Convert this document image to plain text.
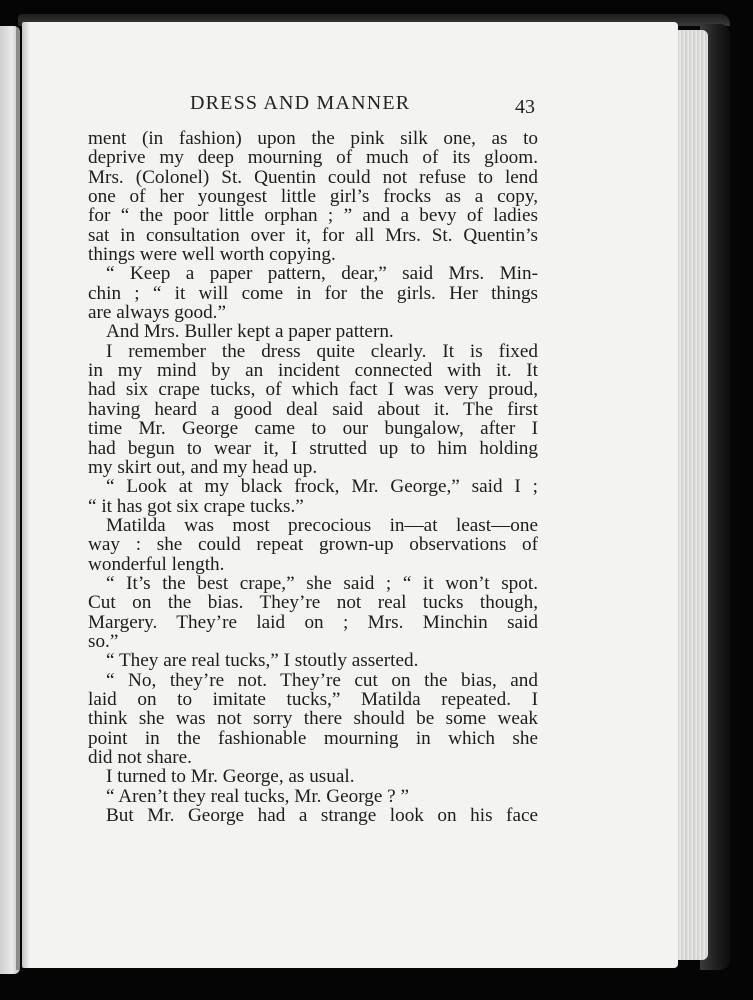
DRESS AND MANNER	43
ment (in fashion) upon the pink silk one, as to
deprive my deep mourning of much of its gloom.
Mrs. (Colonel) St. Quentin could not refuse to lend
one of her youngest little girl’s frocks as a copy,
for “ the poor little orphan ; ” and a bevy of ladies
sat in consultation over it, for all Mrs. St. Quentin’s
things were well worth copying.
“ Keep a paper pattern, dear,” said Mrs. Min-
chin ; “ it will come in for the girls. Her things
are always good.”
And Mrs. Buller kept a paper pattern.
I remember the dress quite clearly. It is fixed
in my mind by an incident connected with it. It
had six crape tucks, of which fact I was very proud,
having heard a good deal said about it. The first
time Mr. George came to our bungalow, after I
had begun to wear it, I strutted up to him holding
my skirt out, and my head up.
“ Look at my black frock, Mr. George,” said I ;
“ it has got six crape tucks.”
Matilda was most precocious in—at least—one
way : she could repeat grown-up observations of
wonderful length.
“ It’s the best crape,” she said ; “ it won’t spot.
Cut on the bias. They’re not real tucks though,
Margery. They’re laid on ; Mrs. Minchin said
so.”
“ They are real tucks,” I stoutly asserted.
“ No, they’re not. They’re cut on the bias, and
laid on to imitate tucks,” Matilda repeated. I
think she was not sorry there should be some weak
point in the fashionable mourning in which she
did not share.
I turned to Mr. George, as usual.
“ Aren’t they real tucks, Mr. George ? ”
But Mr. George had a strange look on his face
